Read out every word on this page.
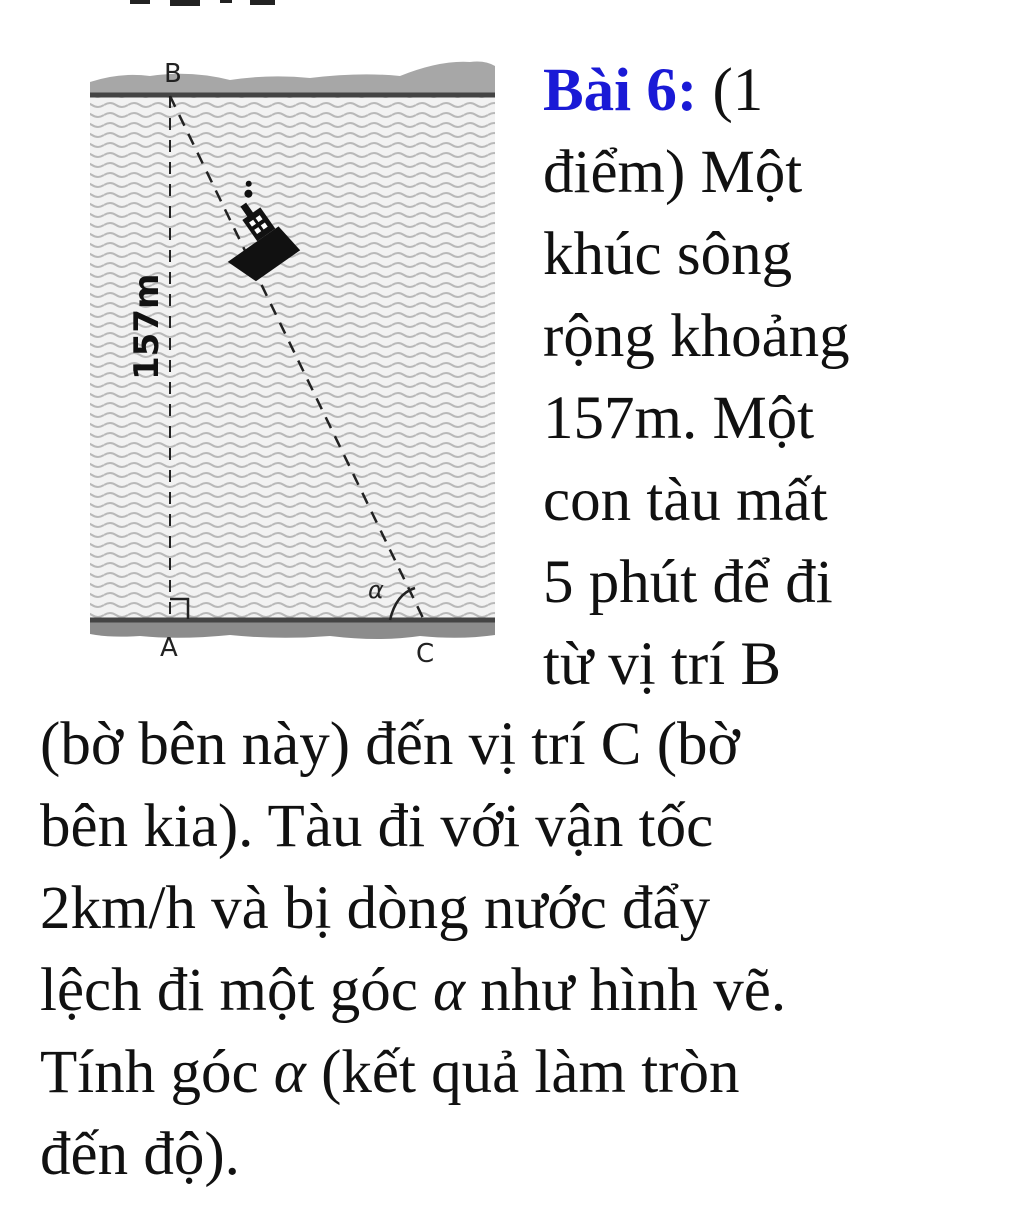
B
A	C
α
157m
Bài 6: (1
điểm) Một
khúc sông
rộng khoảng
157m. Một
con tàu mất
5 phút để đi
từ vị trí B
(bờ bên này) đến vị trí C (bờ
bên kia). Tàu đi với vận tốc
2km/h và bị dòng nước đẩy
lệch đi một góc α như hình vẽ.
Tính góc α (kết quả làm tròn
đến độ).
